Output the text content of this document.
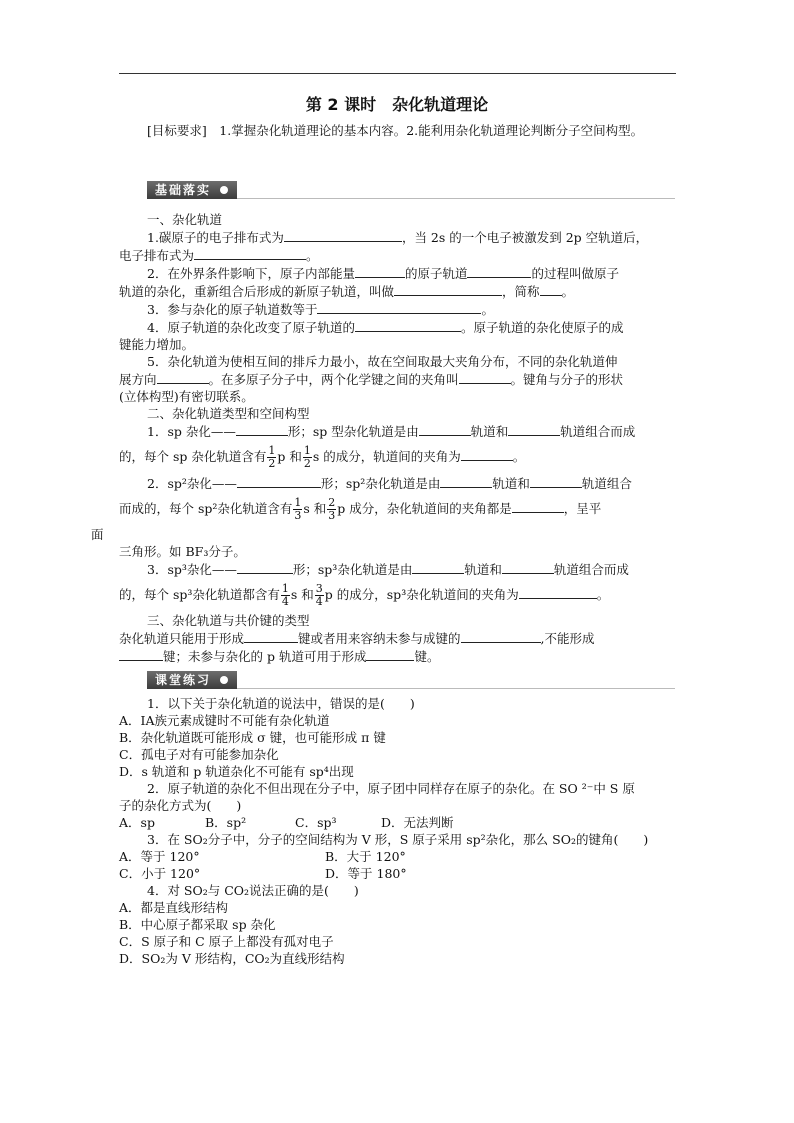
第 2 课时　杂化轨道理论

[目标要求]　 1.掌握杂化轨道理论的基本内容。2.能利用杂化轨道理论判断分子空间构型。

基础落实

一、杂化轨道

1.碳原子的电子排布式为	，当 2s 的一个电子被激发到 2p 空轨道后，

电子排布式为	。

2．在外界条件影响下，原子内部能量	的原子轨道	的过程叫做原子

轨道的杂化，重新组合后形成的新原子轨道，叫做	，简称 。

3．参与杂化的原子轨道数等于	。

4．原子轨道的杂化改变了原子轨道的	。原子轨道的杂化使原子的成

键能力增加。

5．杂化轨道为使相互间的排斥力最小，故在空间取最大夹角分布，不同的杂化轨道伸

展方向	。在多原子分子中，两个化学键之间的夹角叫	。键角与分子的形状

(立体构型)有密切联系。

二、杂化轨道类型和空间构型

1．sp 杂化——	形；sp 型杂化轨道是由	轨道和	轨道组合而成

的，每个 sp 杂化轨道含有 $\frac{1}{2}$ p 和 $\frac{1}{2}$ s 的成分，轨道间的夹角为	。

2．sp²杂化——	形；sp²杂化轨道是由	轨道和	轨道组合

而成的，每个 sp²杂化轨道含有 $\frac{1}{3}$ s 和 $\frac{2}{3}$ p 成分，杂化轨道间的夹角都是	，呈平

面

三角形。如 BF₃分子。

3．sp³杂化——	形；sp³杂化轨道是由	轨道和	轨道组合而成

的，每个 sp³杂化轨道都含有 $\frac{1}{4}$ s 和 $\frac{3}{4}$ p 的成分，sp³杂化轨道间的夹角为	。

三、杂化轨道与共价键的类型

杂化轨道只能用于形成	键或者用来容纳未参与成键的	,不能形成

键；未参与杂化的 p 轨道可用于形成	键。

课堂练习

1．以下关于杂化轨道的说法中，错误的是(　　)

A．ⅠA族元素成键时不可能有杂化轨道

B．杂化轨道既可能形成 σ 键，也可能形成 π 键

C．孤电子对有可能参加杂化

D．s 轨道和 p 轨道杂化不可能有 sp⁴出现

2．原子轨道的杂化不但出现在分子中，原子团中同样存在原子的杂化。在 SO ²⁻中 S 原

子的杂化方式为(　　)

A．sp	B．sp²	C．sp³	D．无法判断

3．在 SO₂分子中，分子的空间结构为 V 形，S 原子采用 sp²杂化，那么 SO₂的键角(　　)

A．等于 120°	B．大于 120°

C．小于 120°	D．等于 180°

4．对 SO₂与 CO₂说法正确的是(　　)

A．都是直线形结构

B．中心原子都采取 sp 杂化

C．S 原子和 C 原子上都没有孤对电子

D．SO₂为 V 形结构，CO₂为直线形结构
